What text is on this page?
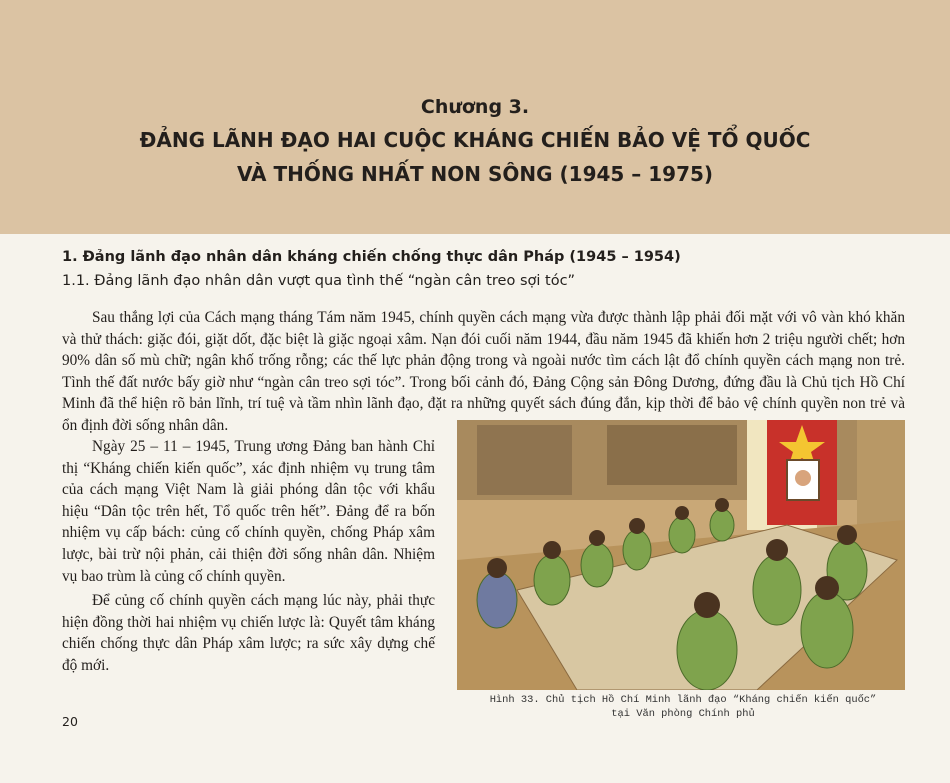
Chương 3.
ĐẢNG LÃNH ĐẠO HAI CUỘC KHÁNG CHIẾN BẢO VỆ TỔ QUỐC
VÀ THỐNG NHẤT NON SÔNG (1945 – 1975)
1. Đảng lãnh đạo nhân dân kháng chiến chống thực dân Pháp (1945 – 1954)
1.1. Đảng lãnh đạo nhân dân vượt qua tình thế “ngàn cân treo sợi tóc”

Sau thắng lợi của Cách mạng tháng Tám năm 1945, chính quyền cách mạng vừa được thành lập phải đối mặt với vô vàn khó khăn và thử thách: giặc đói, giặt dốt, đặc biệt là giặc ngoại xâm. Nạn đói cuối năm 1944, đầu năm 1945 đã khiến hơn 2 triệu người chết; hơn 90% dân số mù chữ; ngân khố trống rỗng; các thế lực phản động trong và ngoài nước tìm cách lật đổ chính quyền cách mạng non trẻ. Tình thế đất nước bấy giờ như “ngàn cân treo sợi tóc”. Trong bối cảnh đó, Đảng Cộng sản Đông Dương, đứng đầu là Chủ tịch Hồ Chí Minh đã thể hiện rõ bản lĩnh, trí tuệ và tầm nhìn lãnh đạo, đặt ra những quyết sách đúng đắn, kịp thời để bảo vệ chính quyền non trẻ và ổn định đời sống nhân dân.

Ngày 25 – 11 – 1945, Trung ương Đảng ban hành Chỉ thị “Kháng chiến kiến quốc”, xác định nhiệm vụ trung tâm của cách mạng Việt Nam là giải phóng dân tộc với khẩu hiệu “Dân tộc trên hết, Tổ quốc trên hết”. Đảng để ra bốn nhiệm vụ cấp bách: củng cố chính quyền, chống Pháp xâm lược, bài trừ nội phản, cải thiện đời sống nhân dân. Nhiệm vụ bao trùm là củng cố chính quyền.

Để củng cố chính quyền cách mạng lúc này, phải thực hiện đồng thời hai nhiệm vụ chiến lược là: Quyết tâm kháng chiến chống thực dân Pháp xâm lược; ra sức xây dựng chế độ mới.

Hình 33. Chủ tịch Hồ Chí Minh lãnh đạo “Kháng chiến kiến quốc”
tại Văn phòng Chính phủ
20
